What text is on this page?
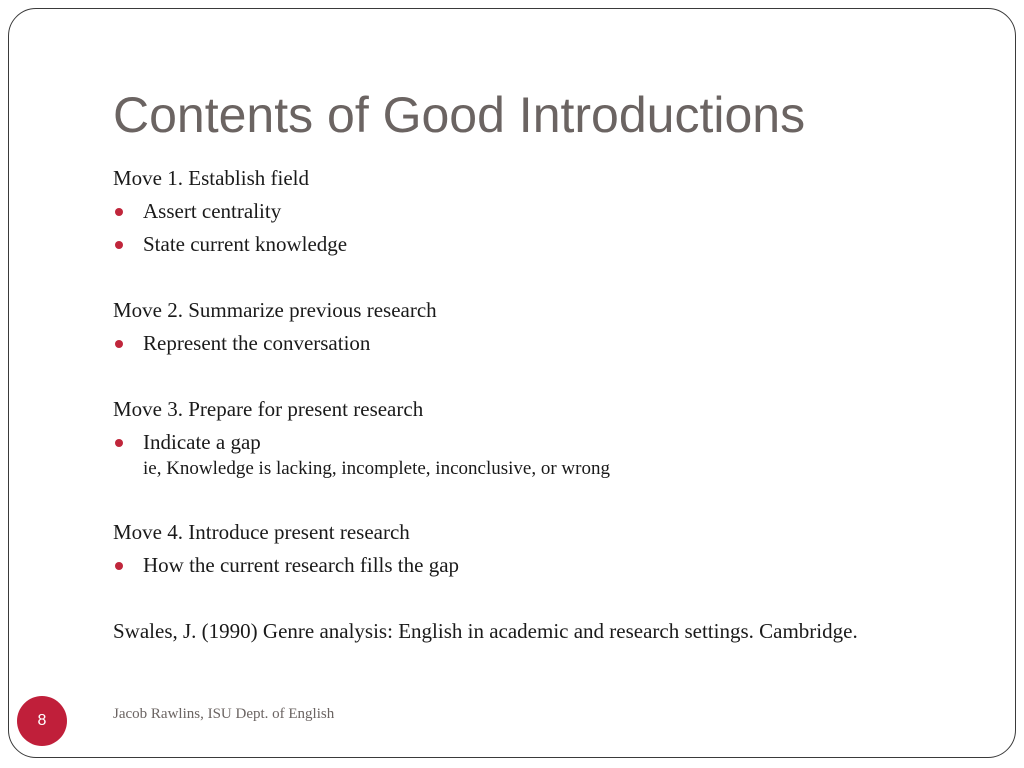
Contents of Good Introductions
Move 1. Establish field
Assert centrality
State current knowledge
Move 2. Summarize previous research
Represent the conversation
Move 3. Prepare for present research
Indicate a gap
ie, Knowledge is lacking, incomplete, inconclusive, or wrong
Move 4. Introduce present research
How the current research fills the gap
Swales, J. (1990) Genre analysis: English in academic and research settings. Cambridge.
Jacob Rawlins, ISU Dept. of English
8
